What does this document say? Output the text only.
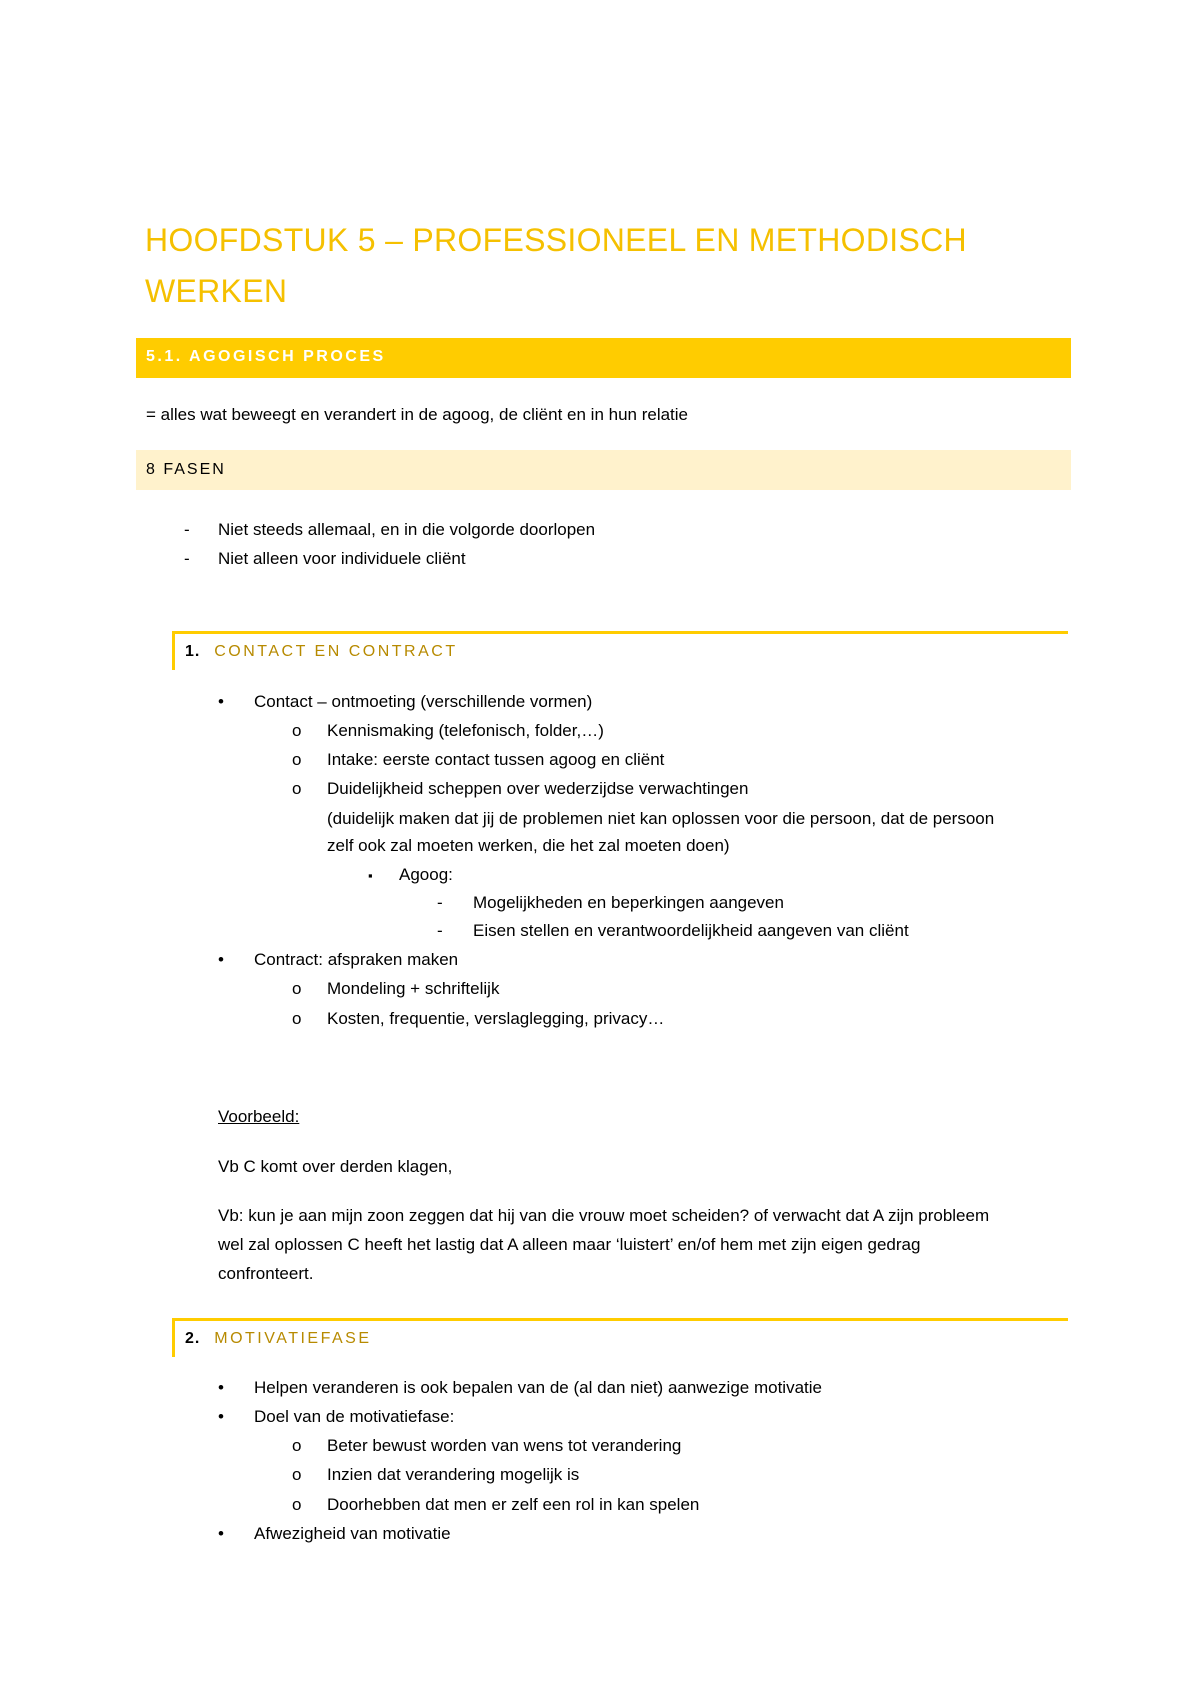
HOOFDSTUK 5 – PROFESSIONEEL EN METHODISCH
WERKEN
5.1. AGOGISCH PROCES
= alles wat beweegt en verandert in de agoog, de cliënt en in hun relatie
8 FASEN
- Niet steeds allemaal, en in die volgorde doorlopen
- Niet alleen voor individuele cliënt
1. CONTACT EN CONTRACT
• Contact – ontmoeting (verschillende vormen)
o Kennismaking (telefonisch, folder,…)
o Intake: eerste contact tussen agoog en cliënt
o Duidelijkheid scheppen over wederzijdse verwachtingen
(duidelijk maken dat jij de problemen niet kan oplossen voor die persoon, dat de persoon
zelf ook zal moeten werken, die het zal moeten doen)
▪ Agoog:
- Mogelijkheden en beperkingen aangeven
- Eisen stellen en verantwoordelijkheid aangeven van cliënt
• Contract: afspraken maken
o Mondeling + schriftelijk
o Kosten, frequentie, verslaglegging, privacy…
Voorbeeld:
Vb C komt over derden klagen,
Vb: kun je aan mijn zoon zeggen dat hij van die vrouw moet scheiden? of verwacht dat A zijn probleem
wel zal oplossen C heeft het lastig dat A alleen maar ‘luistert’ en/of hem met zijn eigen gedrag
confronteert.
2. MOTIVATIEFASE
• Helpen veranderen is ook bepalen van de (al dan niet) aanwezige motivatie
• Doel van de motivatiefase:
o Beter bewust worden van wens tot verandering
o Inzien dat verandering mogelijk is
o Doorhebben dat men er zelf een rol in kan spelen
• Afwezigheid van motivatie
